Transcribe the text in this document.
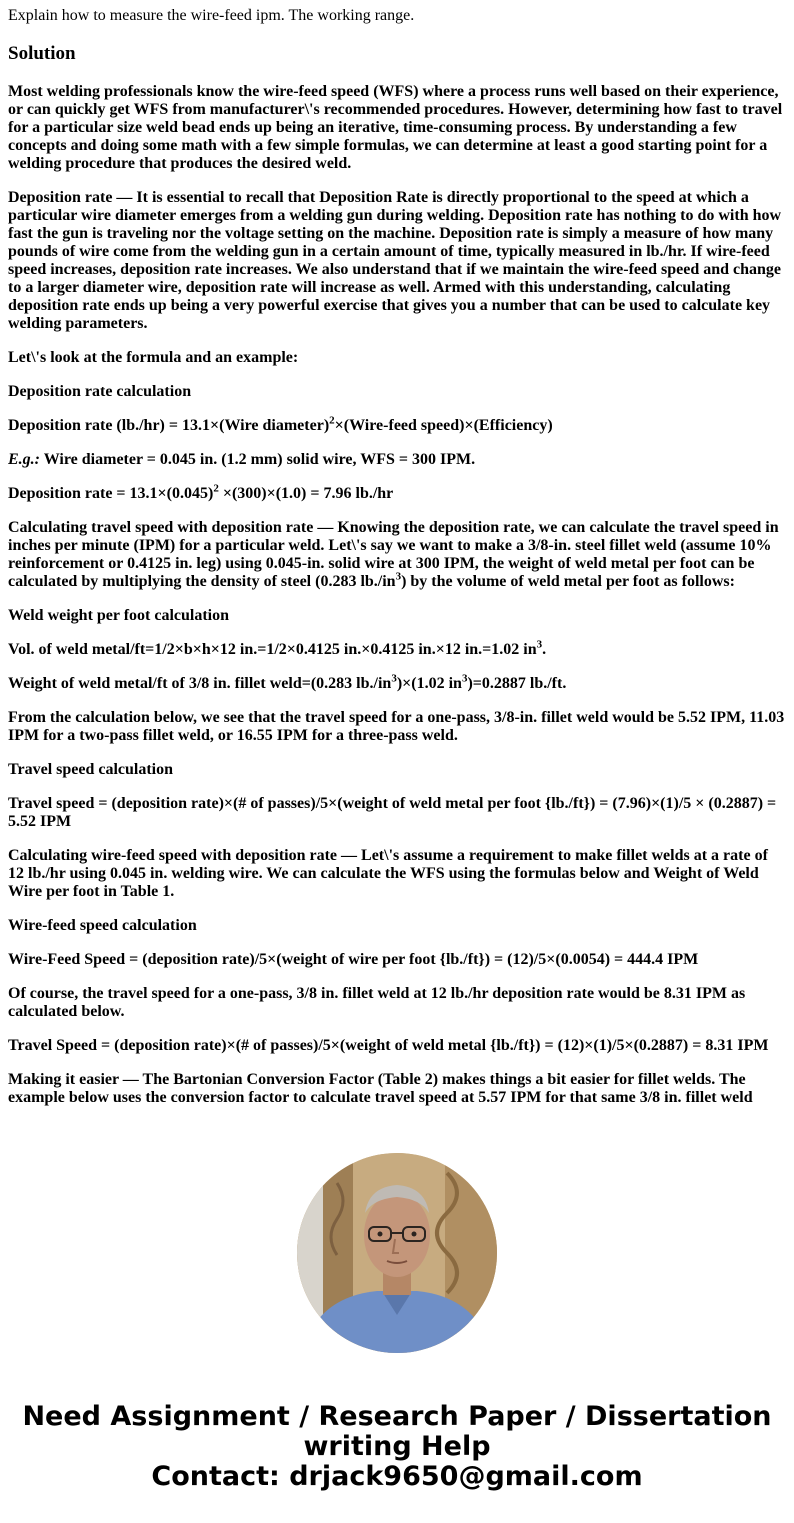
Explain how to measure the wire-feed ipm. The working range.
Solution

Most welding professionals know the wire-feed speed (WFS) where a process runs well based on their experience, or can quickly get WFS from manufacturer\'s recommended procedures. However, determining how fast to travel for a particular size weld bead ends up being an iterative, time-consuming process. By understanding a few concepts and doing some math with a few simple formulas, we can determine at least a good starting point for a welding procedure that produces the desired weld.

Deposition rate — It is essential to recall that Deposition Rate is directly proportional to the speed at which a particular wire diameter emerges from a welding gun during welding. Deposition rate has nothing to do with how fast the gun is traveling nor the voltage setting on the machine. Deposition rate is simply a measure of how many pounds of wire come from the welding gun in a certain amount of time, typically measured in lb./hr. If wire-feed speed increases, deposition rate increases. We also understand that if we maintain the wire-feed speed and change to a larger diameter wire, deposition rate will increase as well. Armed with this understanding, calculating deposition rate ends up being a very powerful exercise that gives you a number that can be used to calculate key welding parameters.

Let\'s look at the formula and an example:

Deposition rate calculation

Deposition rate (lb./hr) = 13.1×(Wire diameter)$^2$×(Wire-feed speed)×(Efficiency)

E.g.: Wire diameter = 0.045 in. (1.2 mm) solid wire, WFS = 300 IPM.

Deposition rate = $13.1\times(0.045)^2 \times(300)\times(1.0) = 7.96$ lb./hr

Calculating travel speed with deposition rate — Knowing the deposition rate, we can calculate the travel speed in inches per minute (IPM) for a particular weld. Let\'s say we want to make a 3/8-in. steel fillet weld (assume 10% reinforcement or 0.4125 in. leg) using 0.045-in. solid wire at 300 IPM, the weight of weld metal per foot can be calculated by multiplying the density of steel (0.283 $lb./in^3$) by the volume of weld metal per foot as follows:

Weld weight per foot calculation

Vol. of weld metal/ft=1/2×b×h×12 in.=1/2×0.4125 in.×0.4125 in.×12 in.=1.02 $in^3$.

Weight of weld metal/ft of 3/8 in. fillet weld=(0.283 $lb./in^3)\times(1.02$ $in^3)=0.2887$ lb./ft.

From the calculation below, we see that the travel speed for a one-pass, 3/8-in. fillet weld would be 5.52 IPM, 11.03 IPM for a two-pass fillet weld, or 16.55 IPM for a three-pass weld.

Travel speed calculation

Travel speed = (deposition rate)×(# of passes)/5×(weight of weld metal per foot {lb./ft}) = (7.96)×(1)/5 × (0.2887) = 5.52 IPM

Calculating wire-feed speed with deposition rate — Let\'s assume a requirement to make fillet welds at a rate of 12 lb./hr using 0.045 in. welding wire. We can calculate the WFS using the formulas below and Weight of Weld Wire per foot in Table 1.

Wire-feed speed calculation

Wire-Feed Speed = (deposition rate)/5×(weight of wire per foot {lb./ft}) = (12)/5×(0.0054) = 444.4 IPM

Of course, the travel speed for a one-pass, 3/8 in. fillet weld at 12 lb./hr deposition rate would be 8.31 IPM as calculated below.

Travel Speed = (deposition rate)×(# of passes)/5×(weight of weld metal {lb./ft}) = (12)×(1)/5×(0.2887) = 8.31 IPM

Making it easier — The Bartonian Conversion Factor (Table 2) makes things a bit easier for fillet welds. The example below uses the conversion factor to calculate travel speed at 5.57 IPM for that same 3/8 in. fillet weld

Need Assignment / Research Paper / Dissertation
writing Help
Contact: drjack9650@gmail.com
